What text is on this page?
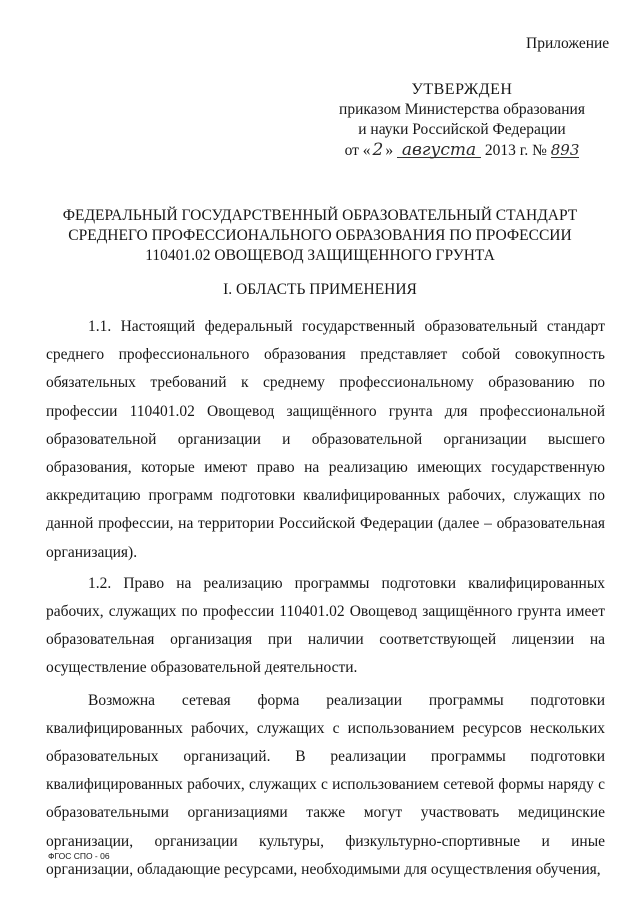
Приложение
УТВЕРЖДЕН
приказом Министерства образования
и науки Российской Федерации
от « 2 »
августа
2013 г. №
893
ФЕДЕРАЛЬНЫЙ ГОСУДАРСТВЕННЫЙ ОБРАЗОВАТЕЛЬНЫЙ СТАНДАРТ
СРЕДНЕГО ПРОФЕССИОНАЛЬНОГО ОБРАЗОВАНИЯ ПО ПРОФЕССИИ
110401.02 ОВОЩЕВОД ЗАЩИЩЕННОГО ГРУНТА
I. ОБЛАСТЬ ПРИМЕНЕНИЯ

1.1. Настоящий федеральный государственный образовательный стандарт среднего профессионального образования представляет собой совокупность обязательных требований к среднему профессиональному образованию по профессии 110401.02 Овощевод защищённого грунта для профессиональной образовательной организации и образовательной организации высшего образования, которые имеют право на реализацию имеющих государственную аккредитацию программ подготовки квалифицированных рабочих, служащих по данной профессии, на территории Российской Федерации (далее – образовательная организация).

1.2. Право на реализацию программы подготовки квалифицированных рабочих, служащих по профессии 110401.02 Овощевод защищённого грунта имеет образовательная организация при наличии соответствующей лицензии на осуществление образовательной деятельности.

Возможна сетевая форма реализации программы подготовки квалифицированных рабочих, служащих с использованием ресурсов нескольких образовательных организаций. В реализации программы подготовки квалифицированных рабочих, служащих с использованием сетевой формы наряду с образовательными организациями также могут участвовать медицинские организации, организации культуры, физкультурно-спортивные и иные организации, обладающие ресурсами, необходимыми для осуществления обучения,

ФГОС СПО - 06
